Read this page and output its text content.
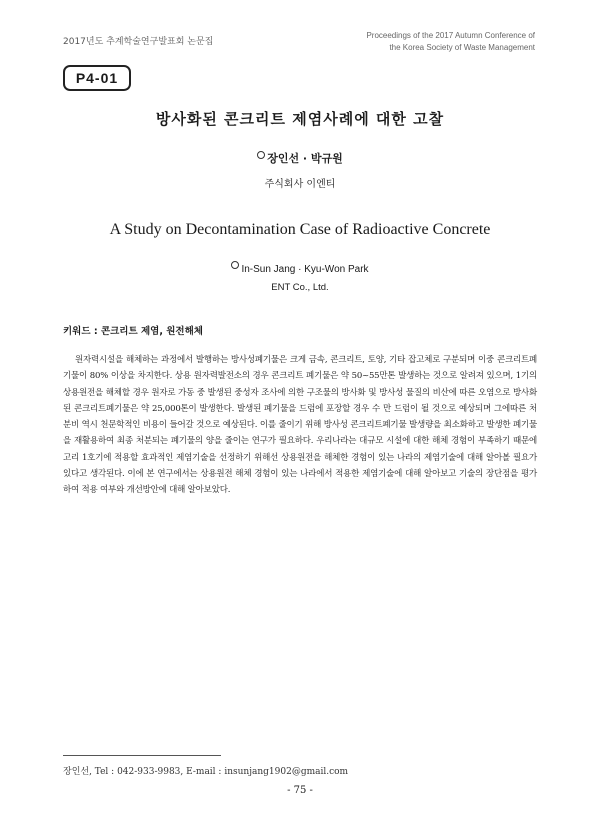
2017년도 추계학술연구발표회 논문집
Proceedings of the 2017 Autumn Conference of
the Korea Society of Waste Management
P4-01
방사화된 콘크리트 제염사례에 대한 고찰
장인선 · 박규원
주식회사 이엔티
A Study on Decontamination Case of Radioactive Concrete
In-Sun Jang · Kyu-Won Park
ENT Co., Ltd.
키워드 : 콘크리트 제염, 원전해체
원자력시설을 해체하는 과정에서 발행하는 방사성폐기물은 크게 금속, 콘크리트, 토양, 기타 잡고체로 구분되며 이중 콘크리트폐기물이 80% 이상을 차지한다. 상용 원자력발전소의 경우 콘크리트 폐기물은 약 50~55만톤 발생하는 것으로 알려져 있으며, 1기의 상용원전을 해체할 경우 원자로 가동 중 발생된 중성자 조사에 의한 구조물의 방사화 및 방사성 물질의 비산에 따른 오염으로 방사화된 콘크리트폐기물은 약 25,000톤이 발생한다. 발생된 폐기물을 드럼에 포장할 경우 수 만 드럼이 될 것으로 예상되며 그에따른 처분비 역시 천문학적인 비용이 들어갈 것으로 예상된다. 이를 줄이기 위해 방사성 콘크리트폐기물 발생량을 최소화하고 발생한 폐기물을 재활용하여 최종 처분되는 폐기물의 양을 줄이는 연구가 필요하다. 우리나라는 대규모 시설에 대한 해체 경험이 부족하기 때문에 고리 1호기에 적용할 효과적인 제염기술을 선정하기 위해선 상용원전을 해체한 경험이 있는 나라의 제염기술에 대해 알아볼 필요가 있다고 생각된다. 이에 본 연구에서는 상용원전 해체 경험이 있는 나라에서 적용한 제염기술에 대해 알아보고 기술의 장단점을 평가하여 적용 여부와 개선방안에 대해 알아보았다.
장인선, Tel : 042-933-9983, E-mail : insunjang1902@gmail.com
- 75 -
